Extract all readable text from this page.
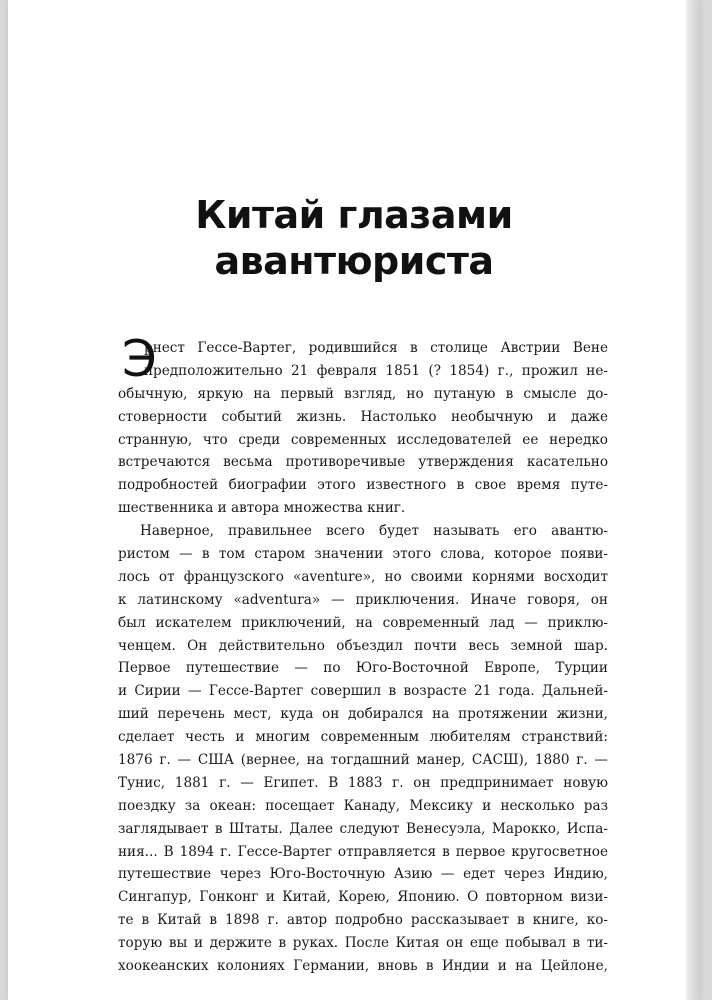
Китай глазами
авантюриста
Э
рнест Гессе-Вартег, родившийся в столице Австрии Вене
предположительно 21 февраля 1851 (? 1854) г., прожил не-
обычную, яркую на первый взгляд, но путаную в смысле до-
стоверности событий жизнь. Настолько необычную и даже
странную, что среди современных исследователей ее нередко
встречаются весьма противоречивые утверждения касательно
подробностей биографии этого известного в свое время путе-
шественника и автора множества книг.
Наверное, правильнее всего будет называть его авантю-
ристом — в том старом значении этого слова, которое появи-
лось от французского «aventure», но своими корнями восходит
к латинскому «adventura» — приключения. Иначе говоря, он
был искателем приключений, на современный лад — приклю-
ченцем. Он действительно объездил почти весь земной шар.
Первое путешествие — по Юго-Восточной Европе, Турции
и Сирии — Гессе-Вартег совершил в возрасте 21 года. Дальней-
ший перечень мест, куда он добирался на протяжении жизни,
сделает честь и многим современным любителям странствий:
1876 г. — США (вернее, на тогдашний манер, САСШ), 1880 г. —
Тунис, 1881 г. — Египет. В 1883 г. он предпринимает новую
поездку за океан: посещает Канаду, Мексику и несколько раз
заглядывает в Штаты. Далее следуют Венесуэла, Марокко, Испа-
ния... В 1894 г. Гессе-Вартег отправляется в первое кругосветное
путешествие через Юго-Восточную Азию — едет через Индию,
Сингапур, Гонконг и Китай, Корею, Японию. О повторном визи-
те в Китай в 1898 г. автор подробно рассказывает в книге, ко-
торую вы и держите в руках. После Китая он еще побывал в ти-
хоокеанских колониях Германии, вновь в Индии и на Цейлоне,
